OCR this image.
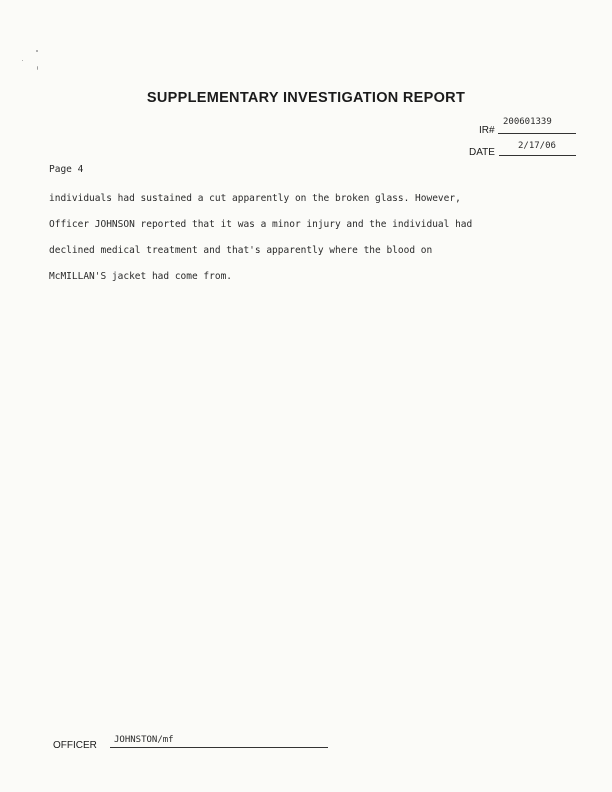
SUPPLEMENTARY INVESTIGATION REPORT
200601339
IR#
2/17/06
DATE
Page 4

individuals had sustained a cut apparently on the broken glass. However,

Officer JOHNSON reported that it was a minor injury and the individual had

declined medical treatment and that's apparently where the blood on

McMILLAN'S jacket had come from.

OFFICER JOHNSTON/mf
